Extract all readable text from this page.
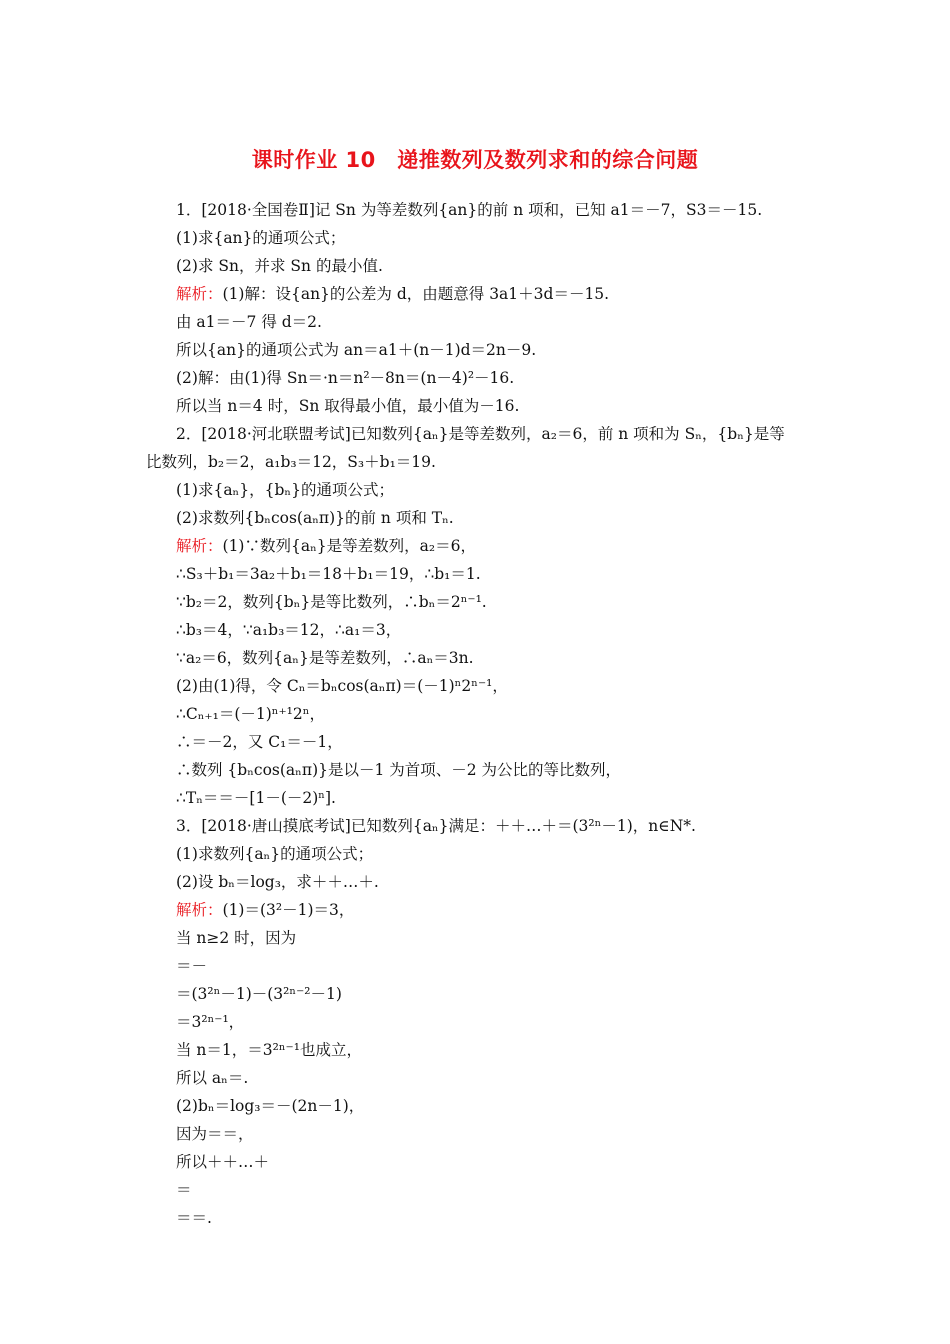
课时作业 10　递推数列及数列求和的综合问题
1．[2018·全国卷Ⅱ]记 Sn 为等差数列{an}的前 n 项和，已知 a1＝－7，S3＝－15.
(1)求{an}的通项公式；
(2)求 Sn，并求 Sn 的最小值.
解析：(1)解：设{an}的公差为 d，由题意得 3a1＋3d＝－15.
由 a1＝－7 得 d＝2.
所以{an}的通项公式为 an＝a1＋(n－1)d＝2n－9.
(2)解：由(1)得 Sn＝·n＝n²－8n＝(n－4)²－16.
所以当 n＝4 时，Sn 取得最小值，最小值为－16.
2．[2018·河北联盟考试]已知数列{aₙ}是等差数列，a₂＝6，前 n 项和为 Sₙ，{bₙ}是等
比数列，b₂＝2，a₁b₃＝12，S₃＋b₁＝19.
(1)求{aₙ}，{bₙ}的通项公式；
(2)求数列{bₙcos(aₙπ)}的前 n 项和 Tₙ.
解析：(1)∵数列{aₙ}是等差数列，a₂＝6，
∴S₃＋b₁＝3a₂＋b₁＝18＋b₁＝19，∴b₁＝1.
∵b₂＝2，数列{bₙ}是等比数列，∴bₙ＝2ⁿ⁻¹.
∴b₃＝4，∵a₁b₃＝12，∴a₁＝3，
∵a₂＝6，数列{aₙ}是等差数列，∴aₙ＝3n.
(2)由(1)得，令 Cₙ＝bₙcos(aₙπ)＝(－1)ⁿ2ⁿ⁻¹，
∴Cₙ₊₁＝(－1)ⁿ⁺¹2ⁿ，
∴＝－2，又 C₁＝－1，
∴数列 {bₙcos(aₙπ)}是以－1 为首项、－2 为公比的等比数列，
∴Tₙ＝＝－[1－(－2)ⁿ].
3．[2018·唐山摸底考试]已知数列{aₙ}满足：＋＋…＋＝(3²ⁿ－1)，n∈N*.
(1)求数列{aₙ}的通项公式；
(2)设 bₙ＝log₃，求＋＋…＋.
解析：(1)＝(3²－1)＝3，
当 n≥2 时，因为
＝－
＝(3²ⁿ－1)－(3²ⁿ⁻²－1)
＝3²ⁿ⁻¹，
当 n＝1，＝3²ⁿ⁻¹也成立，
所以 aₙ＝.
(2)bₙ＝log₃＝－(2n－1)，
因为＝＝，
所以＋＋…＋
＝
＝＝.
